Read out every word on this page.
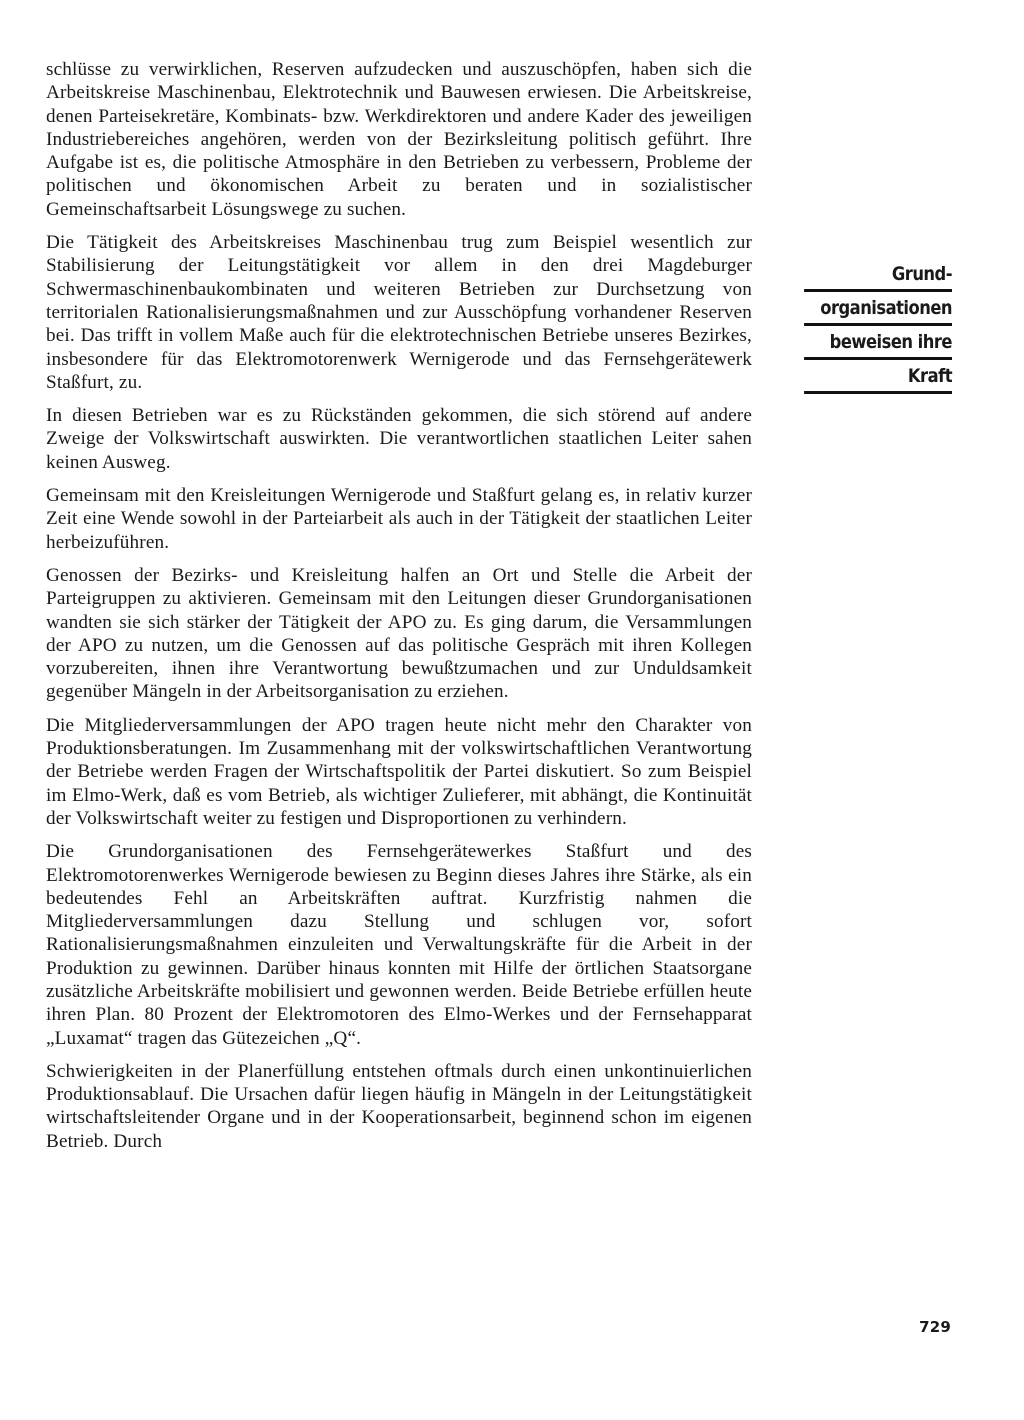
schlüsse zu verwirklichen, Reserven aufzudecken und auszuschöpfen, haben sich die Arbeitskreise Maschinenbau, Elektrotechnik und Bauwesen erwiesen. Die Arbeitskreise, denen Parteisekretäre, Kombinats- bzw. Werkdirektoren und andere Kader des jeweiligen Industriebereiches angehören, werden von der Bezirksleitung politisch geführt. Ihre Aufgabe ist es, die politische Atmosphäre in den Betrieben zu verbessern, Probleme der politischen und ökonomischen Arbeit zu beraten und in sozialistischer Gemeinschaftsarbeit Lösungswege zu suchen.

Die Tätigkeit des Arbeitskreises Maschinenbau trug zum Beispiel wesentlich zur Stabilisierung der Leitungstätigkeit vor allem in den drei Magdeburger Schwermaschinenbaukombinaten und weiteren Betrieben zur Durchsetzung von territorialen Rationalisierungsmaßnahmen und zur Ausschöpfung vorhandener Reserven bei. Das trifft in vollem Maße auch für die elektrotechnischen Betriebe unseres Bezirkes, insbesondere für das Elektromotorenwerk Wernigerode und das Fernsehgerätewerk Staßfurt, zu.

In diesen Betrieben war es zu Rückständen gekommen, die sich störend auf andere Zweige der Volkswirtschaft auswirkten. Die verantwortlichen staatlichen Leiter sahen keinen Ausweg.

Gemeinsam mit den Kreisleitungen Wernigerode und Staßfurt gelang es, in relativ kurzer Zeit eine Wende sowohl in der Parteiarbeit als auch in der Tätigkeit der staatlichen Leiter herbeizuführen.

Genossen der Bezirks- und Kreisleitung halfen an Ort und Stelle die Arbeit der Parteigruppen zu aktivieren. Gemeinsam mit den Leitungen dieser Grundorganisationen wandten sie sich stärker der Tätigkeit der APO zu. Es ging darum, die Versammlungen der APO zu nutzen, um die Genossen auf das politische Gespräch mit ihren Kollegen vorzubereiten, ihnen ihre Verantwortung bewußtzumachen und zur Unduldsamkeit gegenüber Mängeln in der Arbeitsorganisation zu erziehen.

Die Mitgliederversammlungen der APO tragen heute nicht mehr den Charakter von Produktionsberatungen. Im Zusammenhang mit der volkswirtschaftlichen Verantwortung der Betriebe werden Fragen der Wirtschaftspolitik der Partei diskutiert. So zum Beispiel im Elmo-Werk, daß es vom Betrieb, als wichtiger Zulieferer, mit abhängt, die Kontinuität der Volkswirtschaft weiter zu festigen und Disproportionen zu verhindern.

Die Grundorganisationen des Fernsehgerätewerkes Staßfurt und des Elektromotorenwerkes Wernigerode bewiesen zu Beginn dieses Jahres ihre Stärke, als ein bedeutendes Fehl an Arbeitskräften auftrat. Kurzfristig nahmen die Mitgliederversammlungen dazu Stellung und schlugen vor, sofort Rationalisierungsmaßnahmen einzuleiten und Verwaltungskräfte für die Arbeit in der Produktion zu gewinnen. Darüber hinaus konnten mit Hilfe der örtlichen Staatsorgane zusätzliche Arbeitskräfte mobilisiert und gewonnen werden. Beide Betriebe erfüllen heute ihren Plan. 80 Prozent der Elektromotoren des Elmo-Werkes und der Fernsehapparat „Luxamat“ tragen das Gütezeichen „Q“.

Schwierigkeiten in der Planerfüllung entstehen oftmals durch einen unkontinuierlichen Produktionsablauf. Die Ursachen dafür liegen häufig in Mängeln in der Leitungstätigkeit wirtschaftsleitender Organe und in der Kooperationsarbeit, beginnend schon im eigenen Betrieb. Durch

Grund-
organisationen
beweisen ihre
Kraft
729
